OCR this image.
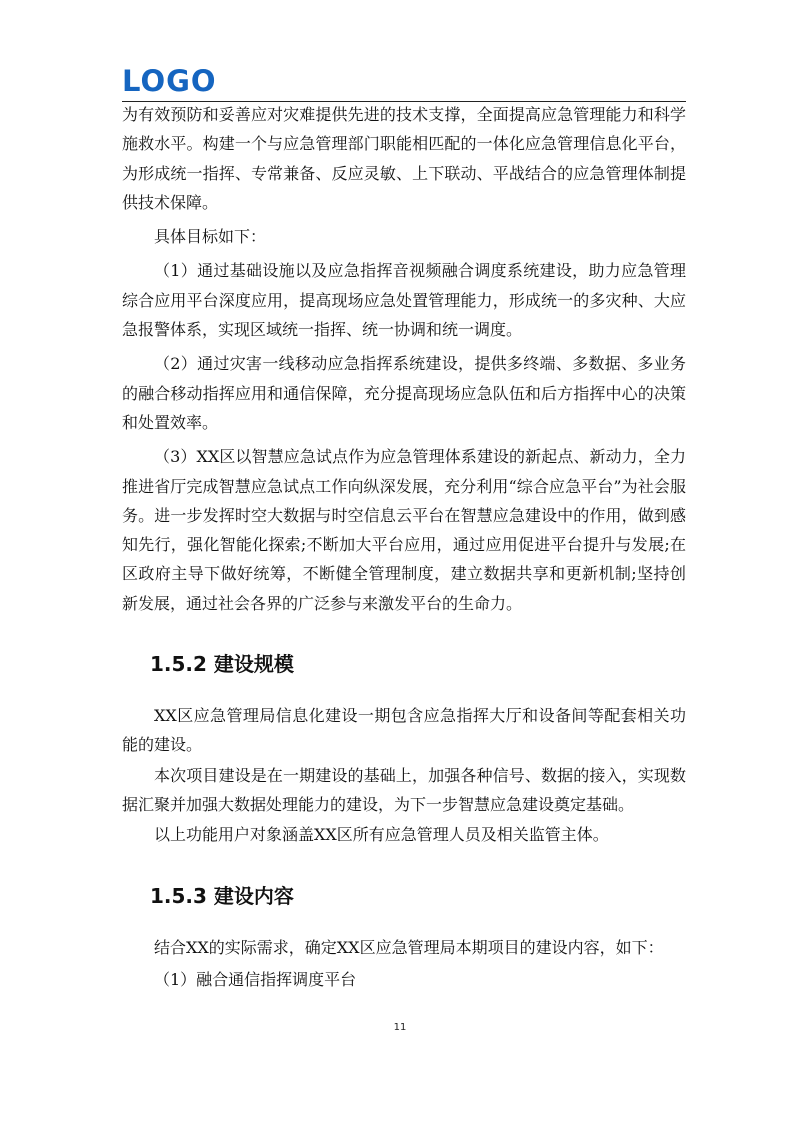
LOGO

为有效预防和妥善应对灾难提供先进的技术支撑，全面提高应急管理能力和科学施救水平。构建一个与应急管理部门职能相匹配的一体化应急管理信息化平台，为形成统一指挥、专常兼备、反应灵敏、上下联动、平战结合的应急管理体制提供技术保障。

具体目标如下：

（1）通过基础设施以及应急指挥音视频融合调度系统建设，助力应急管理综合应用平台深度应用，提高现场应急处置管理能力，形成统一的多灾种、大应急报警体系，实现区域统一指挥、统一协调和统一调度。

（2）通过灾害一线移动应急指挥系统建设，提供多终端、多数据、多业务的融合移动指挥应用和通信保障，充分提高现场应急队伍和后方指挥中心的决策和处置效率。

（3）XX区以智慧应急试点作为应急管理体系建设的新起点、新动力，全力推进省厅完成智慧应急试点工作向纵深发展，充分利用“综合应急平台”为社会服务。进一步发挥时空大数据与时空信息云平台在智慧应急建设中的作用，做到感知先行，强化智能化探索;不断加大平台应用，通过应用促进平台提升与发展;在区政府主导下做好统筹，不断健全管理制度，建立数据共享和更新机制;坚持创新发展，通过社会各界的广泛参与来激发平台的生命力。

1.5.2 建设规模

XX区应急管理局信息化建设一期包含应急指挥大厅和设备间等配套相关功能的建设。

本次项目建设是在一期建设的基础上，加强各种信号、数据的接入，实现数据汇聚并加强大数据处理能力的建设，为下一步智慧应急建设奠定基础。

以上功能用户对象涵盖XX区所有应急管理人员及相关监管主体。

1.5.3 建设内容

结合XX的实际需求，确定XX区应急管理局本期项目的建设内容，如下：

（1）融合通信指挥调度平台

11
